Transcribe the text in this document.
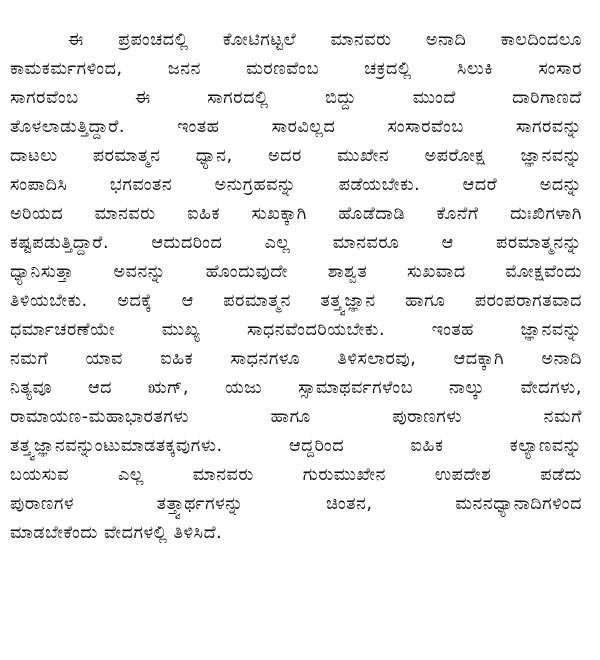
ಈ ಪ್ರಪಂಚದಲ್ಲಿ ಕೋಟಿಗಟ್ಟಲೆ ಮಾನವರು ಅನಾದಿ ಕಾಲದಿಂದಲೂ
ಕಾಮಕರ್ಮಗಳಿಂದ, ಜನನ ಮರಣವೆಂಬ ಚಕ್ರದಲ್ಲಿ ಸಿಲುಕಿ ಸಂಸಾರ
ಸಾಗರವೆಂಬ ಈ ಸಾಗರದಲ್ಲಿ ಬಿದ್ದು ಮುಂದೆ ದಾರಿಗಾಣದೆ
ತೊಳಲಾಡುತ್ತಿದ್ದಾರೆ. ಇಂತಹ ಸಾರವಿಲ್ಲದ ಸಂಸಾರವೆಂಬ ಸಾಗರವನ್ನು
ದಾಟಲು ಪರಮಾತ್ಮನ ಧ್ಯಾನ, ಅದರ ಮುಖೇನ ಅಪರೋಕ್ಷ ಜ್ಞಾನವನ್ನು
ಸಂಪಾದಿಸಿ ಭಗವಂತನ ಅನುಗ್ರಹವನ್ನು ಪಡೆಯಬೇಕು. ಆದರೆ ಅದನ್ನು
ಅರಿಯದ ಮಾನವರು ಐಹಿಕ ಸುಖಕ್ಕಾಗಿ ಹೊಡೆದಾಡಿ ಕೊನೆಗೆ ದುಃಖಿಗಳಾಗಿ
ಕಷ್ಟಪಡುತ್ತಿದ್ದಾರೆ. ಆದುದರಿಂದ ಎಲ್ಲ ಮಾನವರೂ ಆ ಪರಮಾತ್ಮನನ್ನು
ಧ್ಯಾನಿಸುತ್ತಾ ಅವನನ್ನು ಹೊಂದುವುದೇ ಶಾಶ್ವತ ಸುಖವಾದ ಮೋಕ್ಷವೆಂದು
ತಿಳಿಯಬೇಕು. ಅದಕ್ಕೆ ಆ ಪರಮಾತ್ಮನ ತತ್ತ್ವಜ್ಞಾನ ಹಾಗೂ ಪರಂಪರಾಗತವಾದ
ಧರ್ಮಾಚರಣೆಯೇ ಮುಖ್ಯ ಸಾಧನವೆಂದರಿಯಬೇಕು. ಇಂತಹ ಜ್ಞಾನವನ್ನು
ನಮಗೆ ಯಾವ ಐಹಿಕ ಸಾಧನಗಳೂ ತಿಳಿಸಲಾರವು, ಆದಕ್ಕಾಗಿ ಅನಾದಿ
ನಿತ್ಯವೂ ಆದ ಋಗ್, ಯಜು ಸ್ಸಾಮಾಥರ್ವಗಳೆಂಬ ನಾಲ್ಕು ವೇದಗಳು,
ರಾಮಾಯಣ-ಮಹಾಭಾರತಗಳು ಹಾಗೂ ಪುರಾಣಗಳು ನಮಗೆ
ತತ್ತ್ವಜ್ಞಾನವನ್ನುಂಟುಮಾಡತಕ್ಕವುಗಳು. ಆದ್ದರಿಂದ ಐಹಿಕ ಕಲ್ಯಾಣವನ್ನು
ಬಯಸುವ ಎಲ್ಲ ಮಾನವರು ಗುರುಮುಖೇನ ಉಪದೇಶ ಪಡೆದು
ಪುರಾಣಗಳ ತತ್ತ್ವಾರ್ಥಗಳನ್ನು ಚಿಂತನ, ಮನನಧ್ಯಾನಾದಿಗಳಿಂದ
ಮಾಡಬೇಕೆಂದು ವೇದಗಳಲ್ಲಿ ತಿಳಿಸಿದೆ.
